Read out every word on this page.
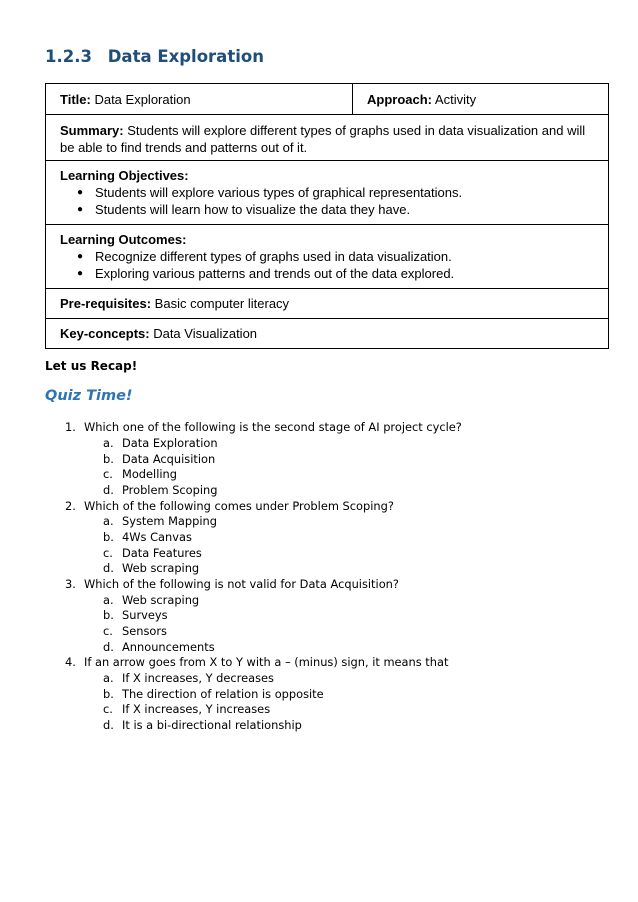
1.2.3 Data Exploration
Title: Data Exploration	Approach: Activity
Summary: Students will explore different types of graphs used in data visualization and will be able to find trends and patterns out of it.

Learning Objectives:
● Students will explore various types of graphical representations.
● Students will learn how to visualize the data they have.

Learning Outcomes:
● Recognize different types of graphs used in data visualization.
● Exploring various patterns and trends out of the data explored.

Pre-requisites: Basic computer literacy
Key-concepts: Data Visualization
Let us Recap!
Quiz Time!
1. Which one of the following is the second stage of AI project cycle?
a. Data Exploration
b. Data Acquisition
c. Modelling
d. Problem Scoping
2. Which of the following comes under Problem Scoping?
a. System Mapping
b. 4Ws Canvas
c. Data Features
d. Web scraping
3. Which of the following is not valid for Data Acquisition?
a. Web scraping
b. Surveys
c. Sensors
d. Announcements
4. If an arrow goes from X to Y with a – (minus) sign, it means that
a. If X increases, Y decreases
b. The direction of relation is opposite
c. If X increases, Y increases
d. It is a bi-directional relationship
